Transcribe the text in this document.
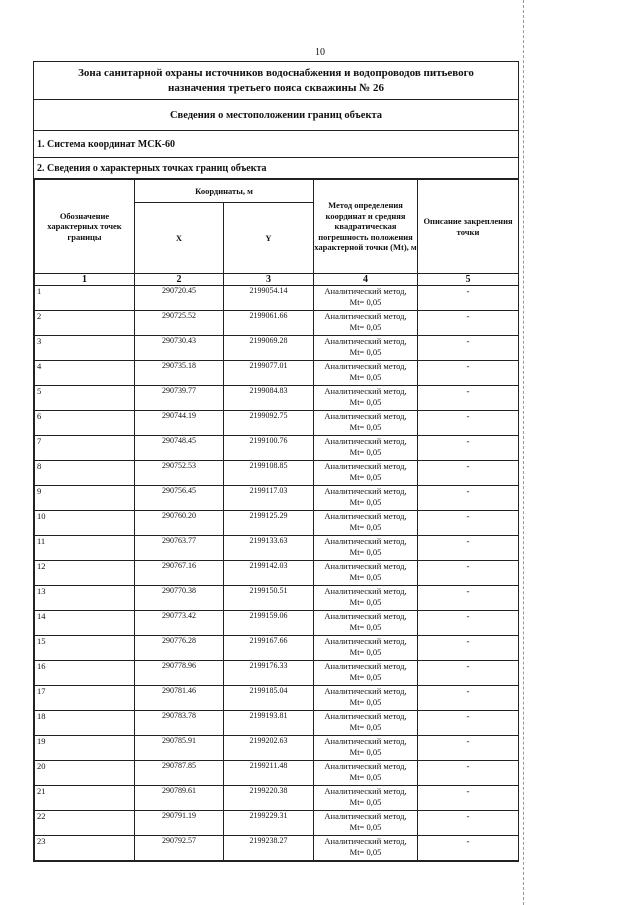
10
Зона санитарной охраны источников водоснабжения и водопроводов питьевого
назначения третьего пояса скважины № 26
Сведения о местоположении границ объекта
1. Система координат МСК-60
2. Сведения о характерных точках границ объекта
Обозначение характерных точек границы	Координаты, м		Метод определения координат и средняя квадратическая погрешность положения характерной точки (Mt), м	Описание закрепления точки
	X	Y		
1	2	3	4	5
1	290720.45	2199054.14	Аналитический метод,
Mt= 0,05	-
2	290725.52	2199061.66	Аналитический метод,
Mt= 0,05	-
3	290730.43	2199069.28	Аналитический метод,
Mt= 0,05	-
4	290735.18	2199077.01	Аналитический метод,
Mt= 0,05	-
5	290739.77	2199084.83	Аналитический метод,
Mt= 0,05	-
6	290744.19	2199092.75	Аналитический метод,
Mt= 0,05	-
7	290748.45	2199100.76	Аналитический метод,
Mt= 0,05	-
8	290752.53	2199108.85	Аналитический метод,
Mt= 0,05	-
9	290756.45	2199117.03	Аналитический метод,
Mt= 0,05	-
10	290760.20	2199125.29	Аналитический метод,
Mt= 0,05	-
11	290763.77	2199133.63	Аналитический метод,
Mt= 0,05	-
12	290767.16	2199142.03	Аналитический метод,
Mt= 0,05	-
13	290770.38	2199150.51	Аналитический метод,
Mt= 0,05	-
14	290773.42	2199159.06	Аналитический метод,
Mt= 0,05	-
15	290776.28	2199167.66	Аналитический метод,
Mt= 0,05	-
16	290778.96	2199176.33	Аналитический метод,
Mt= 0,05	-
17	290781.46	2199185.04	Аналитический метод,
Mt= 0,05	-
18	290783.78	2199193.81	Аналитический метод,
Mt= 0,05	-
19	290785.91	2199202.63	Аналитический метод,
Mt= 0,05	-
20	290787.85	2199211.48	Аналитический метод,
Mt= 0,05	-
21	290789.61	2199220.38	Аналитический метод,
Mt= 0,05	-
22	290791.19	2199229.31	Аналитический метод,
Mt= 0,05	-
23	290792.57	2199238.27	Аналитический метод,
Mt= 0,05	-
